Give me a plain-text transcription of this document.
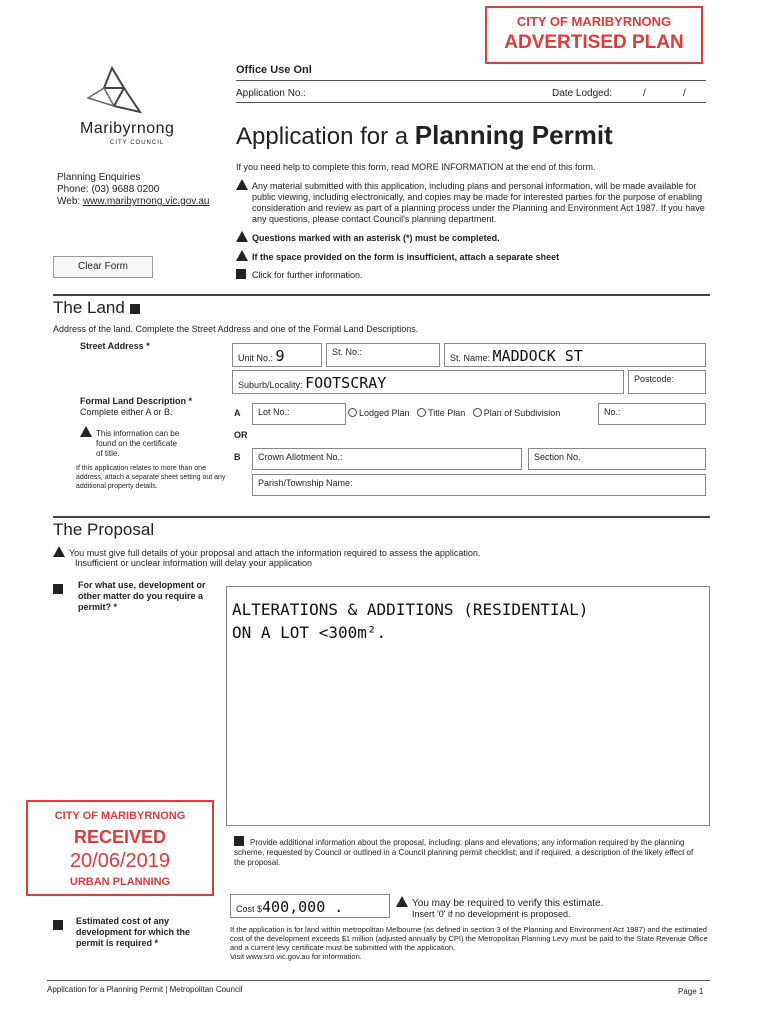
CITY OF MARIBYRNONG
ADVERTISED PLAN
Office Use Onl
Application No.:	Date Lodged:	/	/
Maribyrnong
CITY COUNCIL	Application for a Planning Permit
Planning Enquiries
Phone: (03) 9688 0200
Web: www.maribyrnong.vic.gov.au

If you need help to complete this form, read MORE INFORMATION at the end of this form.

Any material submitted with this application, including plans and personal information, will be made available for public viewing, including electronically, and copies may be made for interested parties for the purpose of enabling consideration and review as part of a planning process under the Planning and Environment Act 1987. If you have any questions, please contact Council's planning department.

Questions marked with an asterisk (*) must be completed.

If the space provided on the form is insufficient, attach a separate sheet

Click for further information.

Clear Form
The Land
Address of the land. Complete the Street Address and one of the Formal Land Descriptions.
Street Address *
Unit No.: 9	St. No.:
St. Name: MADDOCK ST
Suburb/Locality: FOOTSCRAY	Postcode:
Formal Land Description *
Complete either A or B.
This information can be
found on the certificate
of title.
If this application relates to more than one address, attach a separate sheet setting out any additional property details.
A
OR
B
Lot No.:	Lodged Plan Title Plan Plan of Subdivision	No.:
Crown Allotment No.:	Section No.
Parish/Township Name:
The Proposal
You must give full details of your proposal and attach the information required to assess the application.
Insufficient or unclear information will delay your application
For what use, development or other matter do you require a permit? *	ALTERATIONS & ADDITIONS (RESIDENTIAL)
ON A LOT <300m².
Provide additional information about the proposal, including: plans and elevations; any information required by the planning scheme, requested by Council or outlined in a Council planning permit checklist; and if required, a description of the likely effect of the proposal.
CITY OF MARIBYRNONG
RECEIVED
20/06/2019
URBAN PLANNING
Cost $400,000 .	You may be required to verify this estimate.
Insert '0' if no development is proposed.
Estimated cost of any development for which the permit is required *
If the application is for land within metropolitan Melbourne (as defined in section 3 of the Planning and Environment Act 1987) and the estimated cost of the development exceeds $1 million (adjusted annually by CPI) the Metropolitan Planning Levy must be paid to the State Revenue Office and a current levy certificate must be submitted with the application.
Visit www.sro.vic.gov.au for information.
Application for a Planning Permit | Metropolitan Council	Page 1
